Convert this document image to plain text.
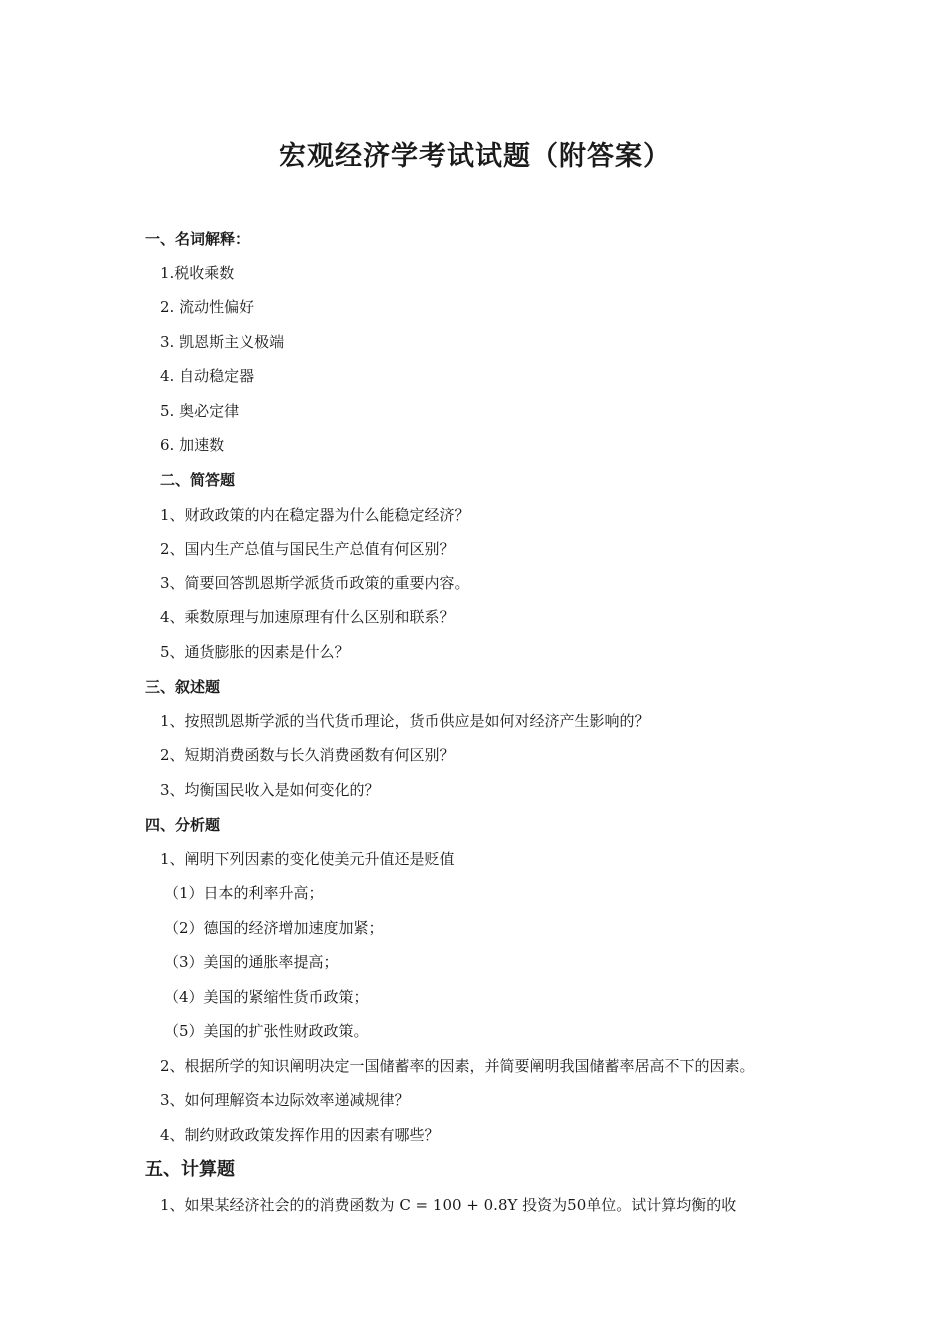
宏观经济学考试试题（附答案）
一、名词解释：
1.税收乘数
2. 流动性偏好
3. 凯恩斯主义极端
4. 自动稳定器
5. 奥必定律
6. 加速数
二、简答题
1、财政政策的内在稳定器为什么能稳定经济？
2、国内生产总值与国民生产总值有何区别？
3、简要回答凯恩斯学派货币政策的重要内容。
4、乘数原理与加速原理有什么区别和联系？
5、通货膨胀的因素是什么？
三、叙述题
1、按照凯恩斯学派的当代货币理论，货币供应是如何对经济产生影响的？
2、短期消费函数与长久消费函数有何区别？
3、均衡国民收入是如何变化的？
四、分析题
1、阐明下列因素的变化使美元升值还是贬值
（1）日本的利率升高；
（2）德国的经济增加速度加紧；
（3）美国的通胀率提高；
（4）美国的紧缩性货币政策；
（5）美国的扩张性财政政策。
2、根据所学的知识阐明决定一国储蓄率的因素，并简要阐明我国储蓄率居高不下的因素。
3、如何理解资本边际效率递减规律？
4、制约财政政策发挥作用的因素有哪些？
五、计算题
1、如果某经济社会的的消费函数为 C = 100 + 0.8Y 投资为50单位。试计算均衡的收
